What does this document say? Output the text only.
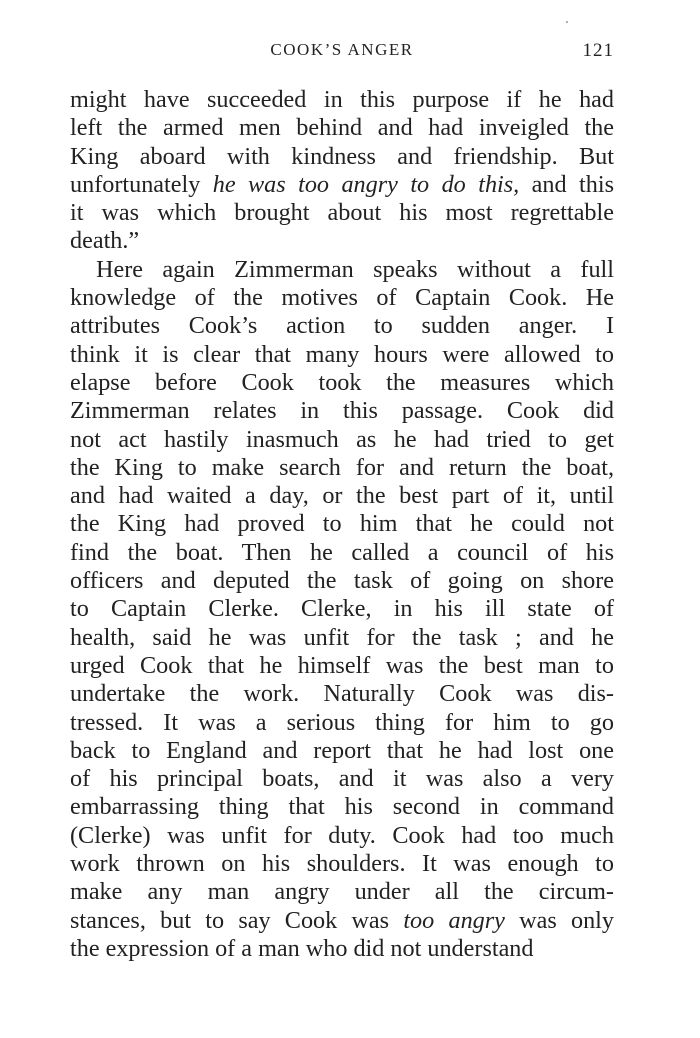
COOK’S ANGER	121
might have succeeded in this purpose if he had
left the armed men behind and had inveigled the
King aboard with kindness and friendship. But
unfortunately he was too angry to do this, and this
it was which brought about his most regrettable
death.”
Here again Zimmerman speaks without a full
knowledge of the motives of Captain Cook. He
attributes Cook’s action to sudden anger. I
think it is clear that many hours were allowed to
elapse before Cook took the measures which
Zimmerman relates in this passage. Cook did
not act hastily inasmuch as he had tried to get
the King to make search for and return the boat,
and had waited a day, or the best part of it, until
the King had proved to him that he could not
find the boat. Then he called a council of his
officers and deputed the task of going on shore
to Captain Clerke. Clerke, in his ill state of
health, said he was unfit for the task ; and he
urged Cook that he himself was the best man to
undertake the work. Naturally Cook was dis-
tressed. It was a serious thing for him to go
back to England and report that he had lost one
of his principal boats, and it was also a very
embarrassing thing that his second in command
(Clerke) was unfit for duty. Cook had too much
work thrown on his shoulders. It was enough to
make any man angry under all the circum-
stances, but to say Cook was too angry was only
the expression of a man who did not understand
